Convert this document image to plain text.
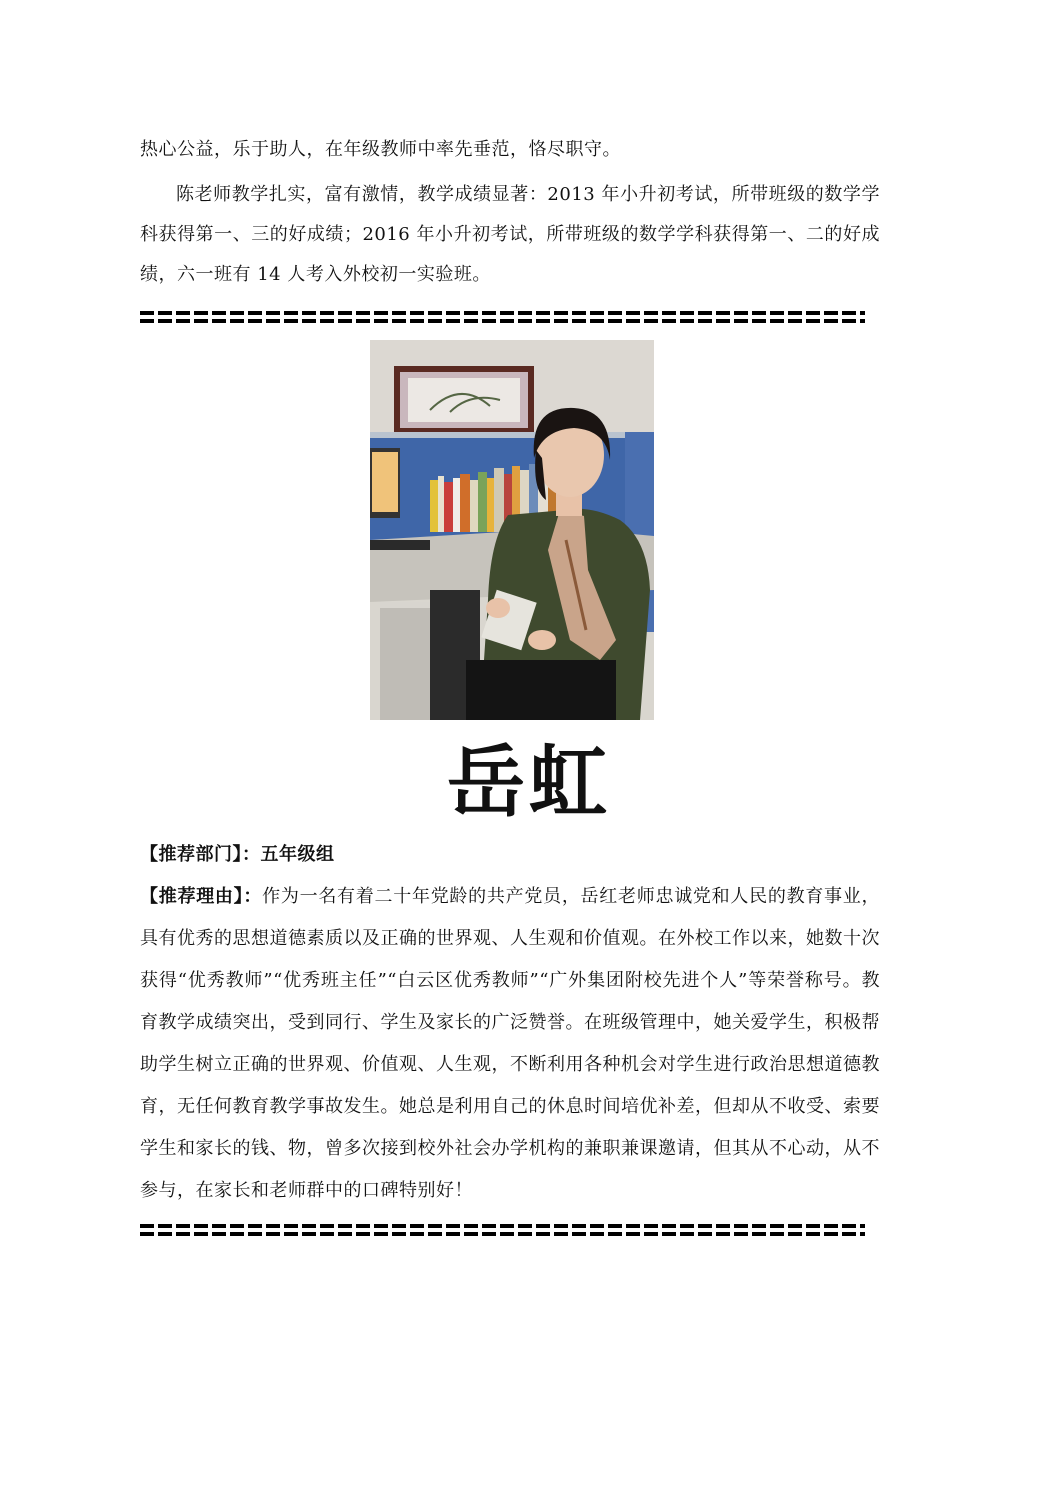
热心公益，乐于助人，在年级教师中率先垂范，恪尽职守。

陈老师教学扎实，富有激情，教学成绩显著：2013 年小升初考试，所带班级的数学学科获得第一、三的好成绩；2016 年小升初考试，所带班级的数学学科获得第一、二的好成绩，六一班有 14 人考入外校初一实验班。

岳虹

【推荐部门】：五年级组

【推荐理由】：作为一名有着二十年党龄的共产党员，岳红老师忠诚党和人民的教育事业，具有优秀的思想道德素质以及正确的世界观、人生观和价值观。在外校工作以来，她数十次获得“优秀教师”“优秀班主任”“白云区优秀教师”“广外集团附校先进个人”等荣誉称号。教育教学成绩突出，受到同行、学生及家长的广泛赞誉。在班级管理中，她关爱学生，积极帮助学生树立正确的世界观、价值观、人生观，不断利用各种机会对学生进行政治思想道德教育，无任何教育教学事故发生。她总是利用自己的休息时间培优补差，但却从不收受、索要学生和家长的钱、物，曾多次接到校外社会办学机构的兼职兼课邀请，但其从不心动，从不参与，在家长和老师群中的口碑特别好！
